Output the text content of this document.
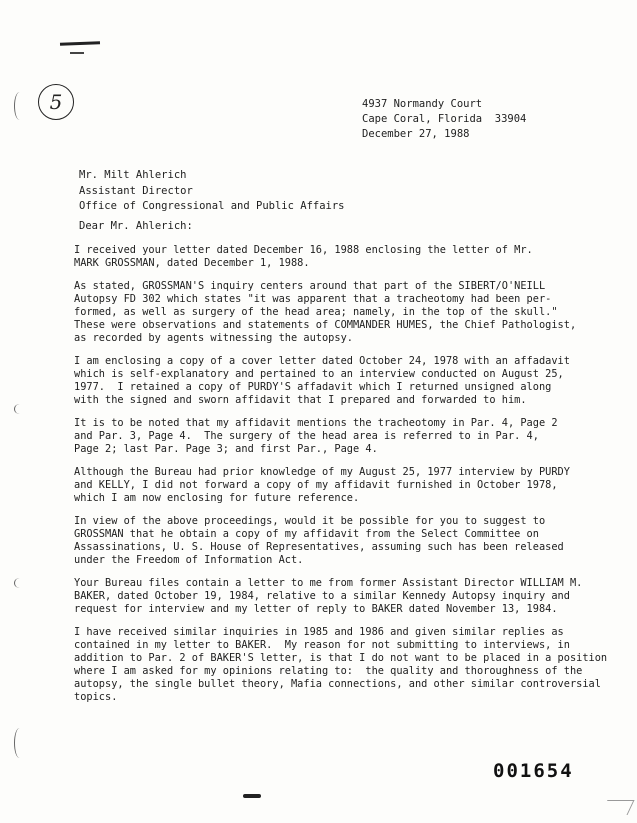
5	4937 Normandy Court
Cape Coral, Florida  33904
December 27, 1988
Mr. Milt Ahlerich
Assistant Director
Office of Congressional and Public Affairs
Dear Mr. Ahlerich:

I received your letter dated December 16, 1988 enclosing the letter of Mr.
MARK GROSSMAN, dated December 1, 1988.

As stated, GROSSMAN'S inquiry centers around that part of the SIBERT/O'NEILL
Autopsy FD 302 which states "it was apparent that a tracheotomy had been per-
formed, as well as surgery of the head area; namely, in the top of the skull."
These were observations and statements of COMMANDER HUMES, the Chief Pathologist,
as recorded by agents witnessing the autopsy.

I am enclosing a copy of a cover letter dated October 24, 1978 with an affadavit
which is self-explanatory and pertained to an interview conducted on August 25,
1977.  I retained a copy of PURDY'S affadavit which I returned unsigned along
with the signed and sworn affidavit that I prepared and forwarded to him.

It is to be noted that my affidavit mentions the tracheotomy in Par. 4, Page 2
and Par. 3, Page 4.  The surgery of the head area is referred to in Par. 4,
Page 2; last Par. Page 3; and first Par., Page 4.

Although the Bureau had prior knowledge of my August 25, 1977 interview by PURDY
and KELLY, I did not forward a copy of my affidavit furnished in October 1978,
which I am now enclosing for future reference.

In view of the above proceedings, would it be possible for you to suggest to
GROSSMAN that he obtain a copy of my affidavit from the Select Committee on
Assassinations, U. S. House of Representatives, assuming such has been released
under the Freedom of Information Act.

Your Bureau files contain a letter to me from former Assistant Director WILLIAM M.
BAKER, dated October 19, 1984, relative to a similar Kennedy Autopsy inquiry and
request for interview and my letter of reply to BAKER dated November 13, 1984.

I have received similar inquiries in 1985 and 1986 and given similar replies as
contained in my letter to BAKER.  My reason for not submitting to interviews, in
addition to Par. 2 of BAKER'S letter, is that I do not want to be placed in a position
where I am asked for my opinions relating to:  the quality and thoroughness of the
autopsy, the single bullet theory, Mafia connections, and other similar controversial
topics.

001654
